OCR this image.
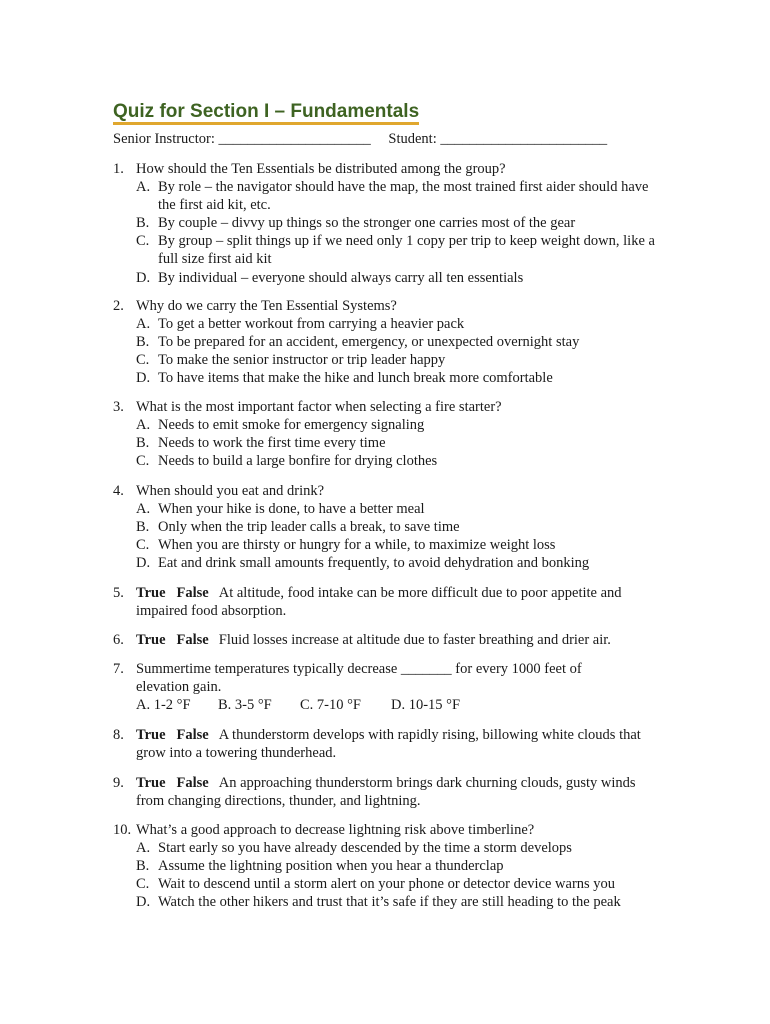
Quiz for Section I – Fundamentals
Senior Instructor: _____________________ Student: _______________________
1. How should the Ten Essentials be distributed among the group?
A. By role – the navigator should have the map, the most trained first aider should have the first aid kit, etc.
B. By couple – divvy up things so the stronger one carries most of the gear
C. By group – split things up if we need only 1 copy per trip to keep weight down, like a full size first aid kit
D. By individual – everyone should always carry all ten essentials
2. Why do we carry the Ten Essential Systems?
A. To get a better workout from carrying a heavier pack
B. To be prepared for an accident, emergency, or unexpected overnight stay
C. To make the senior instructor or trip leader happy
D. To have items that make the hike and lunch break more comfortable
3. What is the most important factor when selecting a fire starter?
A. Needs to emit smoke for emergency signaling
B. Needs to work the first time every time
C. Needs to build a large bonfire for drying clothes
4. When should you eat and drink?
A. When your hike is done, to have a better meal
B. Only when the trip leader calls a break, to save time
C. When you are thirsty or hungry for a while, to maximize weight loss
D. Eat and drink small amounts frequently, to avoid dehydration and bonking
5. True False At altitude, food intake can be more difficult due to poor appetite and impaired food absorption.
6. True False Fluid losses increase at altitude due to faster breathing and drier air.
7. Summertime temperatures typically decrease _______ for every 1000 feet of elevation gain.
A. 1-2 °F B. 3-5 °F C. 7-10 °F D. 10-15 °F
8. True False A thunderstorm develops with rapidly rising, billowing white clouds that grow into a towering thunderhead.
9. True False An approaching thunderstorm brings dark churning clouds, gusty winds from changing directions, thunder, and lightning.
10. What’s a good approach to decrease lightning risk above timberline?
A. Start early so you have already descended by the time a storm develops
B. Assume the lightning position when you hear a thunderclap
C. Wait to descend until a storm alert on your phone or detector device warns you
D. Watch the other hikers and trust that it’s safe if they are still heading to the peak
